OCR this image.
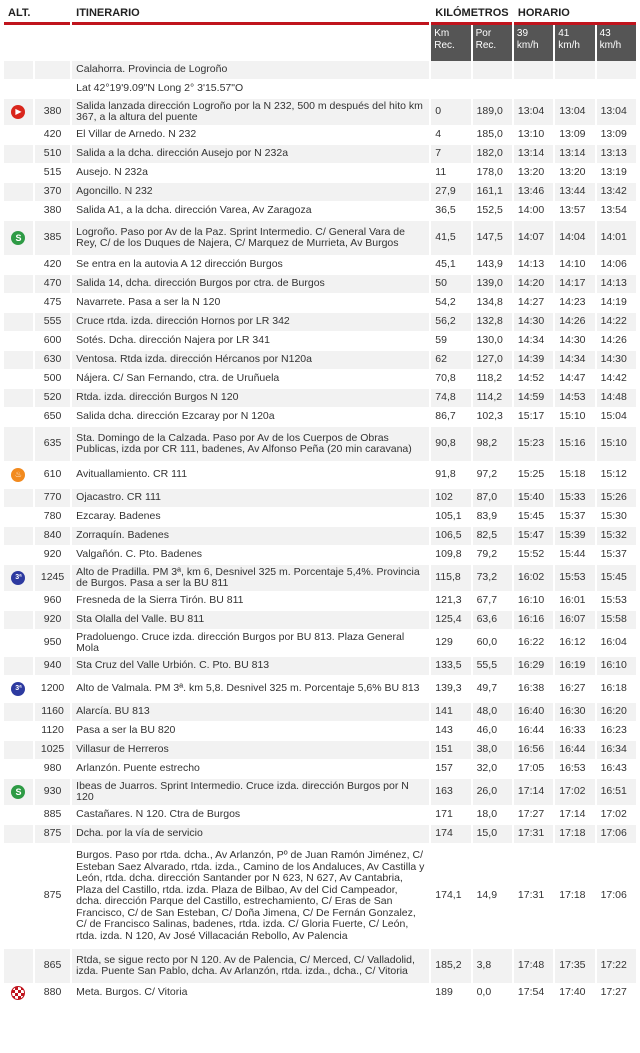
ALT.		ITINERARIO	KILÓMETROS		HORARIO		
			Km Rec.	Por Rec.	39 km/h	41 km/h	43 km/h
		Calahorra. Provincia de Logroño					
		Lat 42°19'9.09"N Long 2° 3'15.57"O					
▶	380	Salida lanzada dirección Logroño por la N 232, 500 m después del hito km 367, a la altura del puente	0	189,0	13:04	13:04	13:04
	420	El Villar de Arnedo. N 232	4	185,0	13:10	13:09	13:09
	510	Salida a la dcha. dirección Ausejo por N 232a	7	182,0	13:14	13:14	13:13
	515	Ausejo. N 232a	11	178,0	13:20	13:20	13:19
	370	Agoncillo. N 232	27,9	161,1	13:46	13:44	13:42
	380	Salida A1, a la dcha. dirección Varea, Av Zaragoza	36,5	152,5	14:00	13:57	13:54
S	385	Logroño. Paso por Av de la Paz. Sprint Intermedio. C/ General Vara de Rey, C/ de los Duques de Najera, C/ Marquez de Murrieta, Av Burgos	41,5	147,5	14:07	14:04	14:01
	420	Se entra en la autovia A 12 dirección Burgos	45,1	143,9	14:13	14:10	14:06
	470	Salida 14, dcha. dirección Burgos por ctra. de Burgos	50	139,0	14:20	14:17	14:13
	475	Navarrete. Pasa a ser la N 120	54,2	134,8	14:27	14:23	14:19
	555	Cruce rtda. izda. dirección Hornos por LR 342	56,2	132,8	14:30	14:26	14:22
	600	Sotés. Dcha. dirección Najera por LR 341	59	130,0	14:34	14:30	14:26
	630	Ventosa. Rtda izda. dirección Hércanos por N120a	62	127,0	14:39	14:34	14:30
	500	Nájera. C/ San Fernando, ctra. de Uruñuela	70,8	118,2	14:52	14:47	14:42
	520	Rtda. izda. dirección Burgos N 120	74,8	114,2	14:59	14:53	14:48
	650	Salida dcha. dirección Ezcaray por N 120a	86,7	102,3	15:17	15:10	15:04
	635	Sta. Domingo de la Calzada. Paso por Av de los Cuerpos de Obras Publicas, izda por CR 111, badenes, Av Alfonso Peña (20 min caravana)	90,8	98,2	15:23	15:16	15:10
♨	610	Avituallamiento. CR 111	91,8	97,2	15:25	15:18	15:12
	770	Ojacastro. CR 111	102	87,0	15:40	15:33	15:26
	780	Ezcaray. Badenes	105,1	83,9	15:45	15:37	15:30
	840	Zorraquín. Badenes	106,5	82,5	15:47	15:39	15:32
	920	Valgañón. C. Pto. Badenes	109,8	79,2	15:52	15:44	15:37
3ª	1245	Alto de Pradilla. PM 3ª, km 6, Desnivel 325 m. Porcentaje 5,4%. Provincia de Burgos. Pasa a ser la BU 811	115,8	73,2	16:02	15:53	15:45
	960	Fresneda de la Sierra Tirón. BU 811	121,3	67,7	16:10	16:01	15:53
	920	Sta Olalla del Valle. BU 811	125,4	63,6	16:16	16:07	15:58
	950	Pradoluengo. Cruce izda. dirección Burgos por BU 813. Plaza General Mola	129	60,0	16:22	16:12	16:04
	940	Sta Cruz del Valle Urbión. C. Pto. BU 813	133,5	55,5	16:29	16:19	16:10
3ª	1200	Alto de Valmala. PM 3ª. km 5,8. Desnivel 325 m. Porcentaje 5,6% BU 813	139,3	49,7	16:38	16:27	16:18
	1160	Alarcía. BU 813	141	48,0	16:40	16:30	16:20
	1120	Pasa a ser la BU 820	143	46,0	16:44	16:33	16:23
	1025	Villasur de Herreros	151	38,0	16:56	16:44	16:34
	980	Arlanzón. Puente estrecho	157	32,0	17:05	16:53	16:43
S	930	Ibeas de Juarros. Sprint Intermedio. Cruce izda. dirección Burgos por N 120	163	26,0	17:14	17:02	16:51
	885	Castañares. N 120. Ctra de Burgos	171	18,0	17:27	17:14	17:02
	875	Dcha. por la vía de servicio	174	15,0	17:31	17:18	17:06
	875	Burgos. Paso por rtda. dcha., Av Arlanzón, Pº de Juan Ramón Jiménez, C/ Esteban Saez Alvarado, rtda. izda., Camino de los Andaluces, Av Castilla y León, rtda. dcha. dirección Santander por N 623, N 627, Av Cantabria, Plaza del Castillo, rtda. izda. Plaza de Bilbao, Av del Cid Campeador, dcha. dirección Parque del Castillo, estrechamiento, C/ Eras de San Francisco, C/ de San Esteban, C/ Doña Jimena, C/ De Fernán Gonzalez, C/ de Francisco Salinas, badenes, rtda. izda. C/ Gloria Fuerte, C/ León, rtda. izda. N 120, Av José Villacacián Rebollo, Av Palencia	174,1	14,9	17:31	17:18	17:06
	865	Rtda, se sigue recto por N 120. Av de Palencia, C/ Merced, C/ Valladolid, izda. Puente San Pablo, dcha. Av Arlanzón, rtda. izda., dcha., C/ Vitoria	185,2	3,8	17:48	17:35	17:22
	880	Meta. Burgos. C/ Vitoria	189	0,0	17:54	17:40	17:27
